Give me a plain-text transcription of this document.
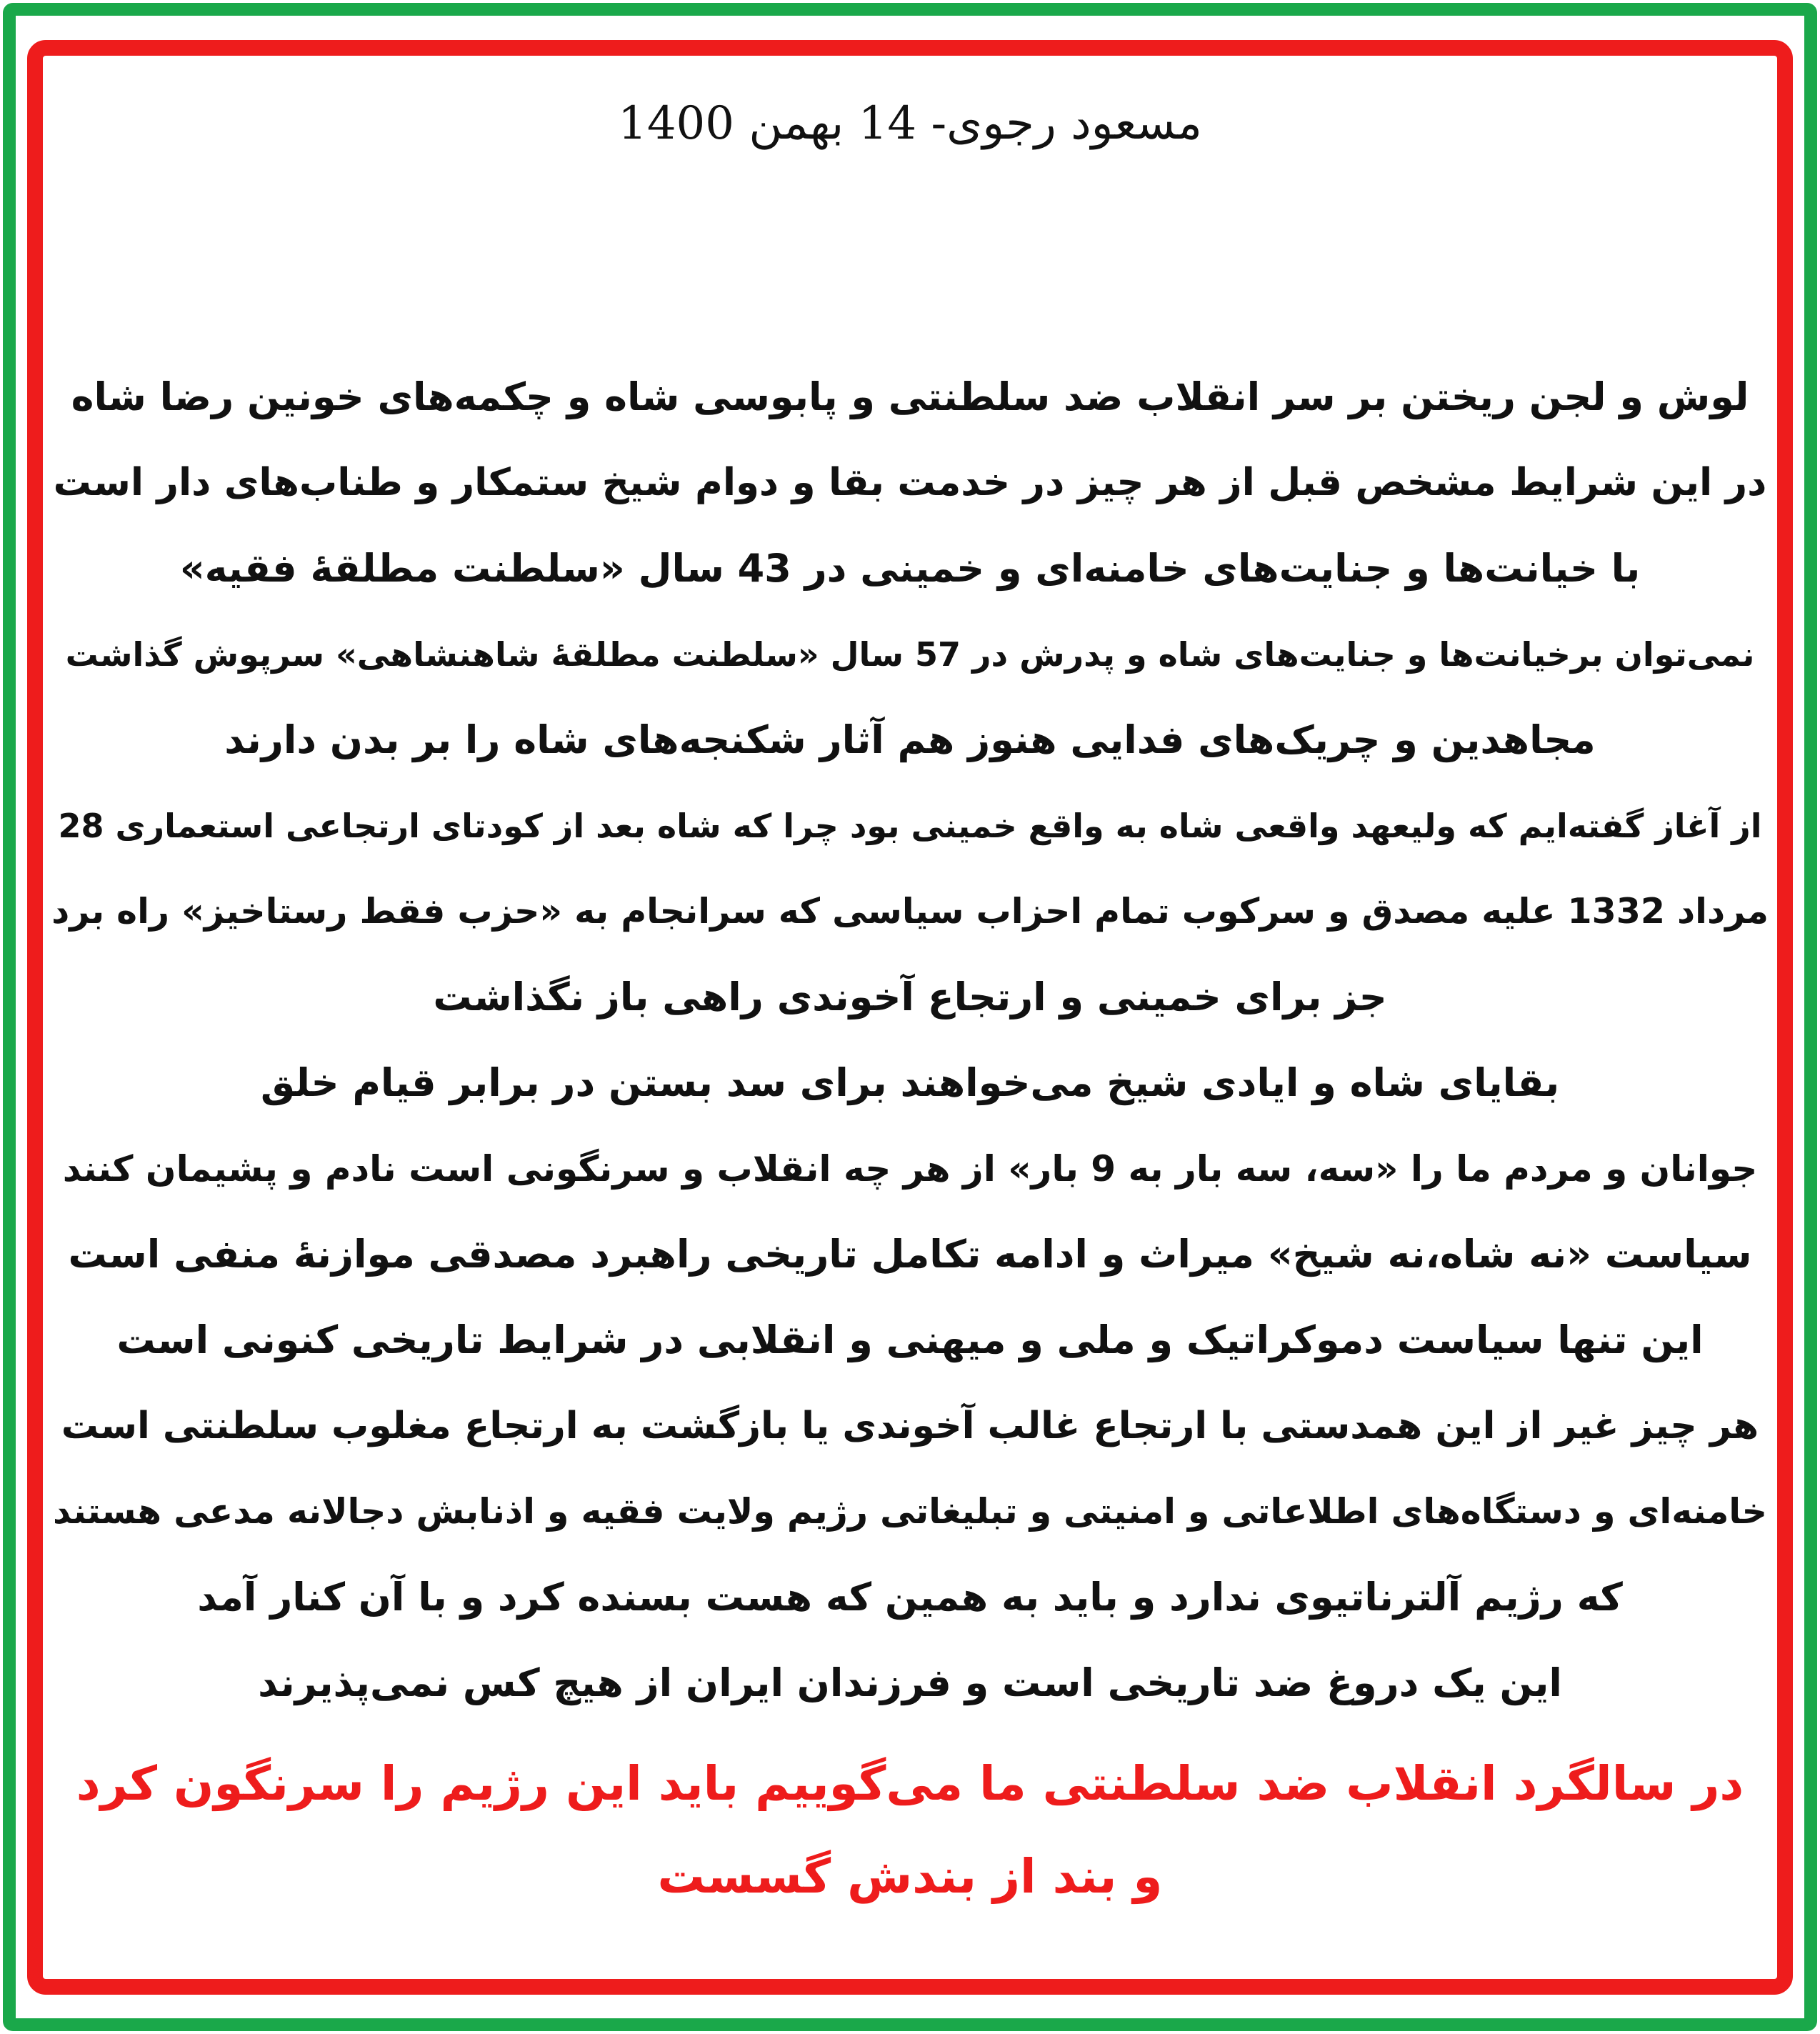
مسعود رجوی- 14 بهمن 1400
لوش و لجن ریختن بر سر انقلاب ضد سلطنتی و پابوسی شاه و چکمه‌های خونین رضا شاه
در این شرایط مشخص قبل از هر چیز در خدمت بقا و دوام شیخ ستمکار و طناب‌های دار است
با خیانت‌ها و جنایت‌های خامنه‌ای و خمینی در 43 سال «سلطنت مطلقهٔ فقیه»
نمی‌توان برخیانت‌ها و جنایت‌های شاه و پدرش در 57 سال «سلطنت مطلقهٔ شاهنشاهی» سرپوش گذاشت
مجاهدین و چریک‌های فدایی هنوز هم آثار شکنجه‌های شاه را بر بدن دارند
از آغاز گفته‌ایم که ولیعهد واقعی شاه به واقع خمینی بود چرا که شاه بعد از کودتای ارتجاعی استعماری 28
مرداد 1332 علیه مصدق و سرکوب تمام احزاب سیاسی که سرانجام به «حزب فقط رستاخیز» راه برد
جز برای خمینی و ارتجاع آخوندی راهی باز نگذاشت
بقایای شاه و ایادی شیخ می‌خواهند برای سد بستن در برابر قیام خلق
جوانان و مردم ما را «سه، سه بار به 9 بار» از هر چه انقلاب و سرنگونی است نادم و پشیمان کنند
سیاست «نه شاه،نه شیخ» میراث و ادامه تکامل تاریخی راهبرد مصدقی موازنهٔ منفی است
این تنها سیاست دموکراتیک و ملی و میهنی و انقلابی در شرایط تاریخی کنونی است
هر چیز غیر از این همدستی با ارتجاع غالب آخوندی یا بازگشت به ارتجاع مغلوب سلطنتی است
خامنه‌ای و دستگاه‌های اطلاعاتی و امنیتی و تبلیغاتی رژیم ولایت فقیه و اذنابش دجالانه مدعی هستند
که رژیم آلترناتیوی ندارد و باید به همین که هست بسنده کرد و با آن کنار آمد
این یک دروغ ضد تاریخی است و فرزندان ایران از هیچ کس نمی‌پذیرند
در سالگرد انقلاب ضد سلطنتی ما می‌گوییم باید این رژیم را سرنگون کرد
و بند از بندش گسست
